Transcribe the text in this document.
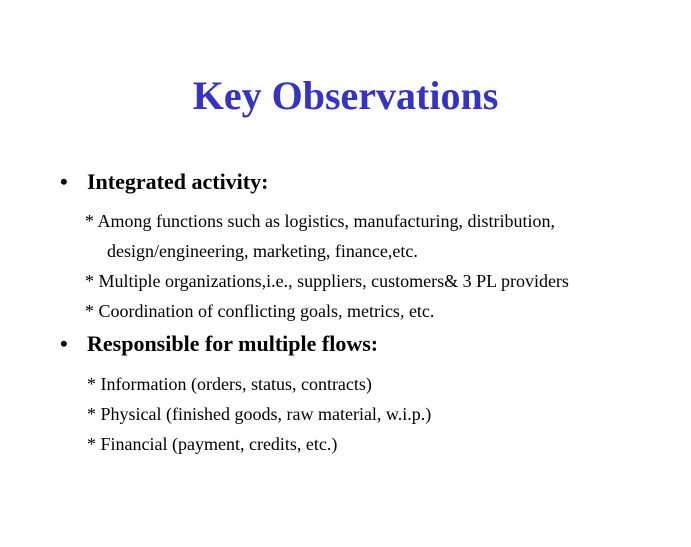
Key Observations
• Integrated activity:
* Among functions such as logistics, manufacturing, distribution,
design/engineering, marketing, finance,etc.
* Multiple organizations,i.e., suppliers, customers& 3 PL providers
* Coordination of conflicting goals, metrics, etc.
• Responsible for multiple flows:
* Information (orders, status, contracts)
* Physical (finished goods, raw material, w.i.p.)
* Financial (payment, credits, etc.)
